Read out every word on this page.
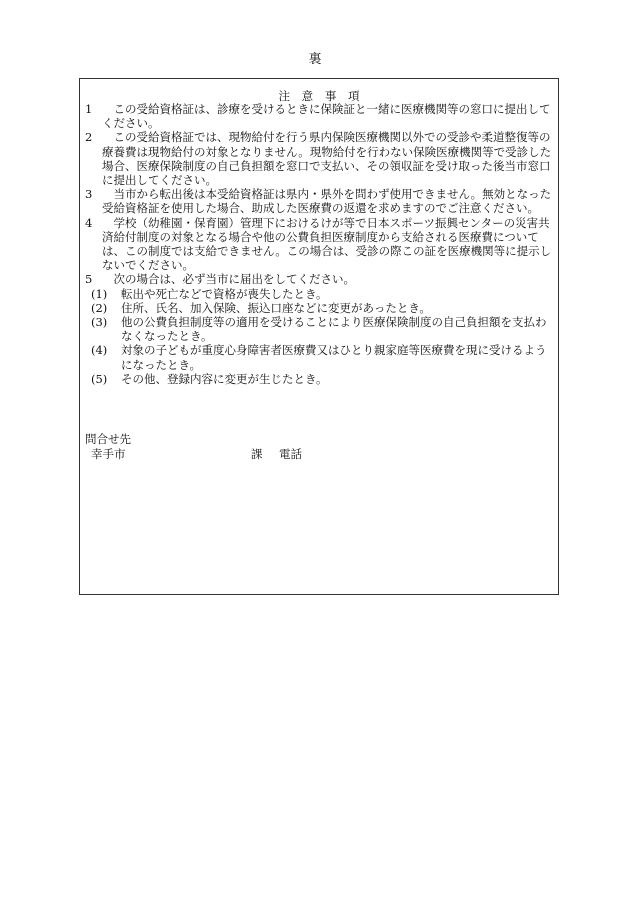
裏
注 意 事 項
1	この受給資格証は、診療を受けるときに保険証と一緒に医療機関等の窓口に提出してください。
2	この受給資格証では、現物給付を行う県内保険医療機関以外での受診や柔道整復等の療養費は現物給付の対象となりません。現物給付を行わない保険医療機関等で受診した場合、医療保険制度の自己負担額を窓口で支払い、その領収証を受け取った後当市窓口に提出してください。
3	当市から転出後は本受給資格証は県内・県外を問わず使用できません。無効となった受給資格証を使用した場合、助成した医療費の返還を求めますのでご注意ください。
4	学校（幼稚園・保育園）管理下におけるけが等で日本スポーツ振興センターの災害共済給付制度の対象となる場合や他の公費負担医療制度から支給される医療費については、この制度では支給できません。この場合は、受診の際この証を医療機関等に提示しないでください。
5	次の場合は、必ず当市に届出をしてください。
(1)	転出や死亡などで資格が喪失したとき。
(2)	住所、氏名、加入保険、振込口座などに変更があったとき。
(3)	他の公費負担制度等の適用を受けることにより医療保険制度の自己負担額を支払わなくなったとき。
(4)	対象の子どもが重度心身障害者医療費又はひとり親家庭等医療費を現に受けるようになったとき。
(5)	その他、登録内容に変更が生じたとき。
問合せ先
幸手市	課	電話
